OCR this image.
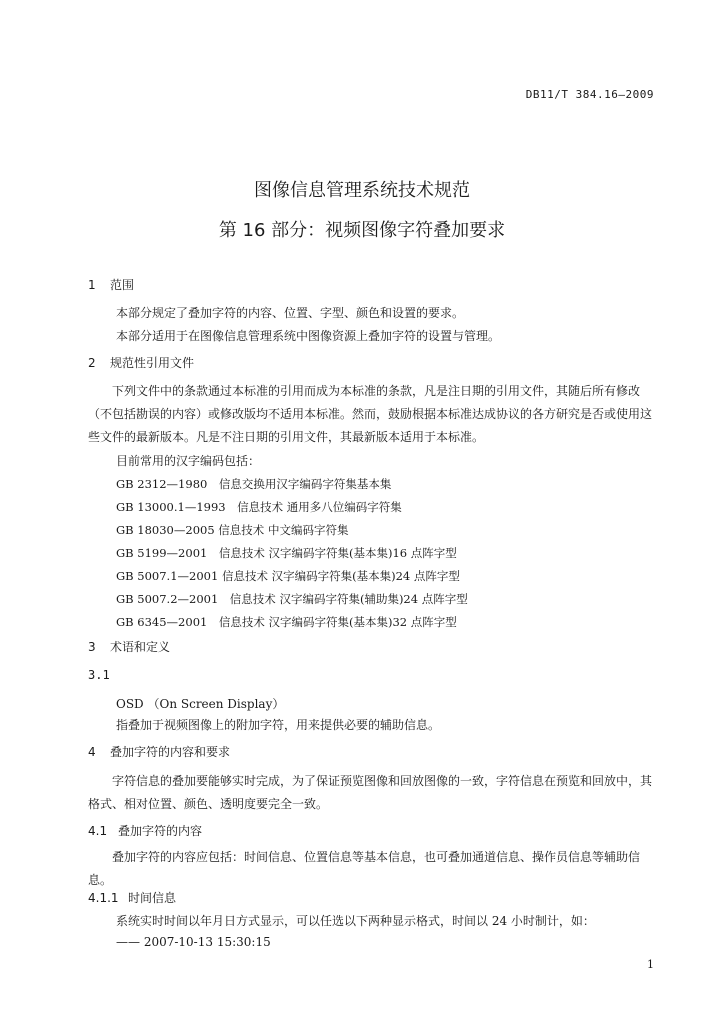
DB11/T 384.16—2009
图像信息管理系统技术规范
第 16 部分：视频图像字符叠加要求
1 范围
本部分规定了叠加字符的内容、位置、字型、颜色和设置的要求。
本部分适用于在图像信息管理系统中图像资源上叠加字符的设置与管理。
2 规范性引用文件
下列文件中的条款通过本标准的引用而成为本标准的条款，凡是注日期的引用文件，其随后所有修改（不包括勘误的内容）或修改版均不适用本标准。然而，鼓励根据本标准达成协议的各方研究是否或使用这些文件的最新版本。凡是不注日期的引用文件，其最新版本适用于本标准。
目前常用的汉字编码包括：
GB 2312—1980　信息交换用汉字编码字符集基本集
GB 13000.1—1993　信息技术 通用多八位编码字符集
GB 18030—2005 信息技术 中文编码字符集
GB 5199—2001　信息技术 汉字编码字符集(基本集)16 点阵字型
GB 5007.1—2001 信息技术 汉字编码字符集(基本集)24 点阵字型
GB 5007.2—2001　信息技术 汉字编码字符集(辅助集)24 点阵字型
GB 6345—2001　信息技术 汉字编码字符集(基本集)32 点阵字型
3 术语和定义
3.1
OSD （On Screen Display）
指叠加于视频图像上的附加字符，用来提供必要的辅助信息。
4 叠加字符的内容和要求
字符信息的叠加要能够实时完成，为了保证预览图像和回放图像的一致，字符信息在预览和回放中，其格式、相对位置、颜色、透明度要完全一致。
4.1 叠加字符的内容
叠加字符的内容应包括：时间信息、位置信息等基本信息，也可叠加通道信息、操作员信息等辅助信息。
4.1.1 时间信息
系统实时时间以年月日方式显示，可以任选以下两种显示格式，时间以 24 小时制计，如：
—— 2007-10-13 15:30:15
1
